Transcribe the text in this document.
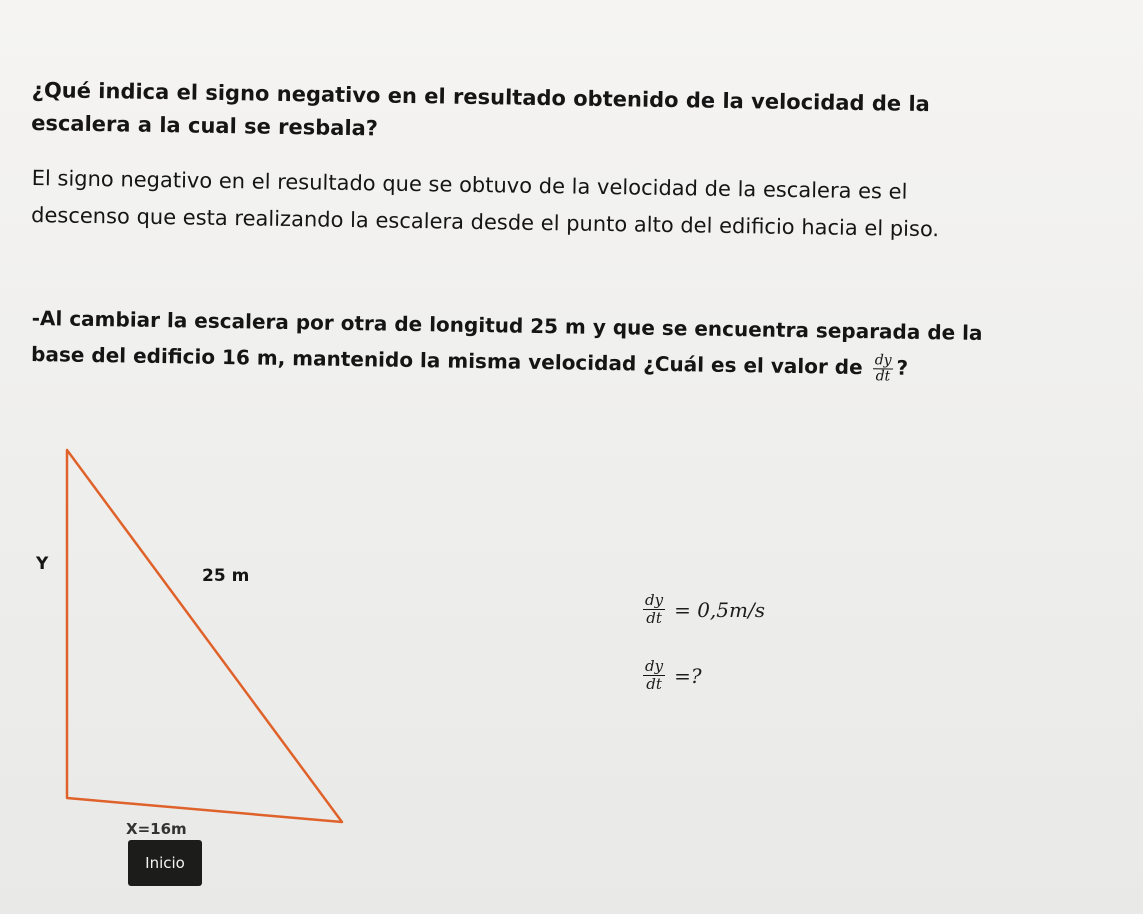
¿Qué indica el signo negativo en el resultado obtenido de la velocidad de la escalera a la cual se resbala?
El signo negativo en el resultado que se obtuvo de la velocidad de la escalera es el descenso que esta realizando la escalera desde el punto alto del edificio hacia el piso.
-Al cambiar la escalera por otra de longitud 25 m y que se encuentra separada de la base del edificio 16 m, mantenido la misma velocidad ¿Cuál es el valor de $\frac{dy}{dt}$ ?
Y
25 m
X=16m
Inicio
$\frac{dy}{dt} = 0,5m/s$
$\frac{dy}{dt}$ =?
